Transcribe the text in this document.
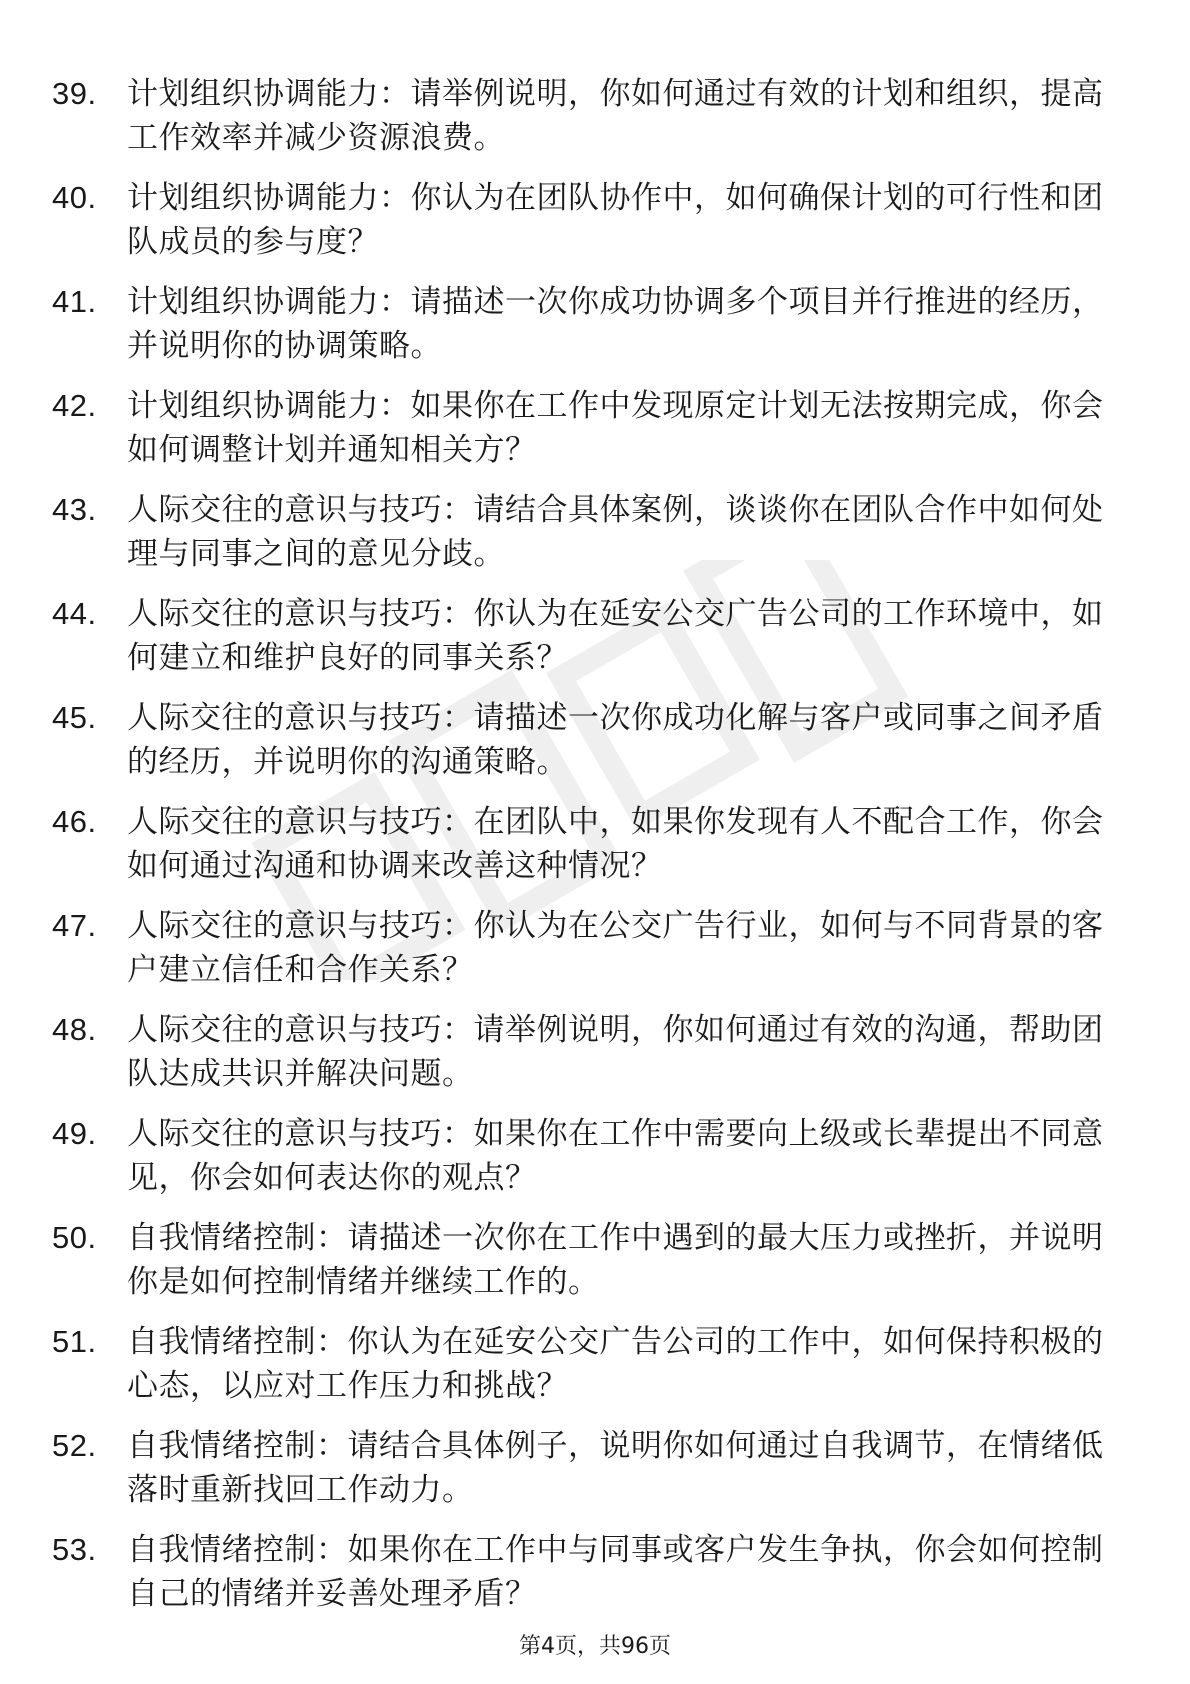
39. 计划组织协调能力：请举例说明，你如何通过有效的计划和组织，提高工作效率并减少资源浪费。
40. 计划组织协调能力：你认为在团队协作中，如何确保计划的可行性和团队成员的参与度？
41. 计划组织协调能力：请描述一次你成功协调多个项目并行推进的经历，并说明你的协调策略。
42. 计划组织协调能力：如果你在工作中发现原定计划无法按期完成，你会如何调整计划并通知相关方？
43. 人际交往的意识与技巧：请结合具体案例，谈谈你在团队合作中如何处理与同事之间的意见分歧。
44. 人际交往的意识与技巧：你认为在延安公交广告公司的工作环境中，如何建立和维护良好的同事关系？
45. 人际交往的意识与技巧：请描述一次你成功化解与客户或同事之间矛盾的经历，并说明你的沟通策略。
46. 人际交往的意识与技巧：在团队中，如果你发现有人不配合工作，你会如何通过沟通和协调来改善这种情况？
47. 人际交往的意识与技巧：你认为在公交广告行业，如何与不同背景的客户建立信任和合作关系？
48. 人际交往的意识与技巧：请举例说明，你如何通过有效的沟通，帮助团队达成共识并解决问题。
49. 人际交往的意识与技巧：如果你在工作中需要向上级或长辈提出不同意见，你会如何表达你的观点？
50. 自我情绪控制：请描述一次你在工作中遇到的最大压力或挫折，并说明你是如何控制情绪并继续工作的。
51. 自我情绪控制：你认为在延安公交广告公司的工作中，如何保持积极的心态，以应对工作压力和挑战？
52. 自我情绪控制：请结合具体例子，说明你如何通过自我调节，在情绪低落时重新找回工作动力。
53. 自我情绪控制：如果你在工作中与同事或客户发生争执，你会如何控制自己的情绪并妥善处理矛盾？
第4页，共96页
